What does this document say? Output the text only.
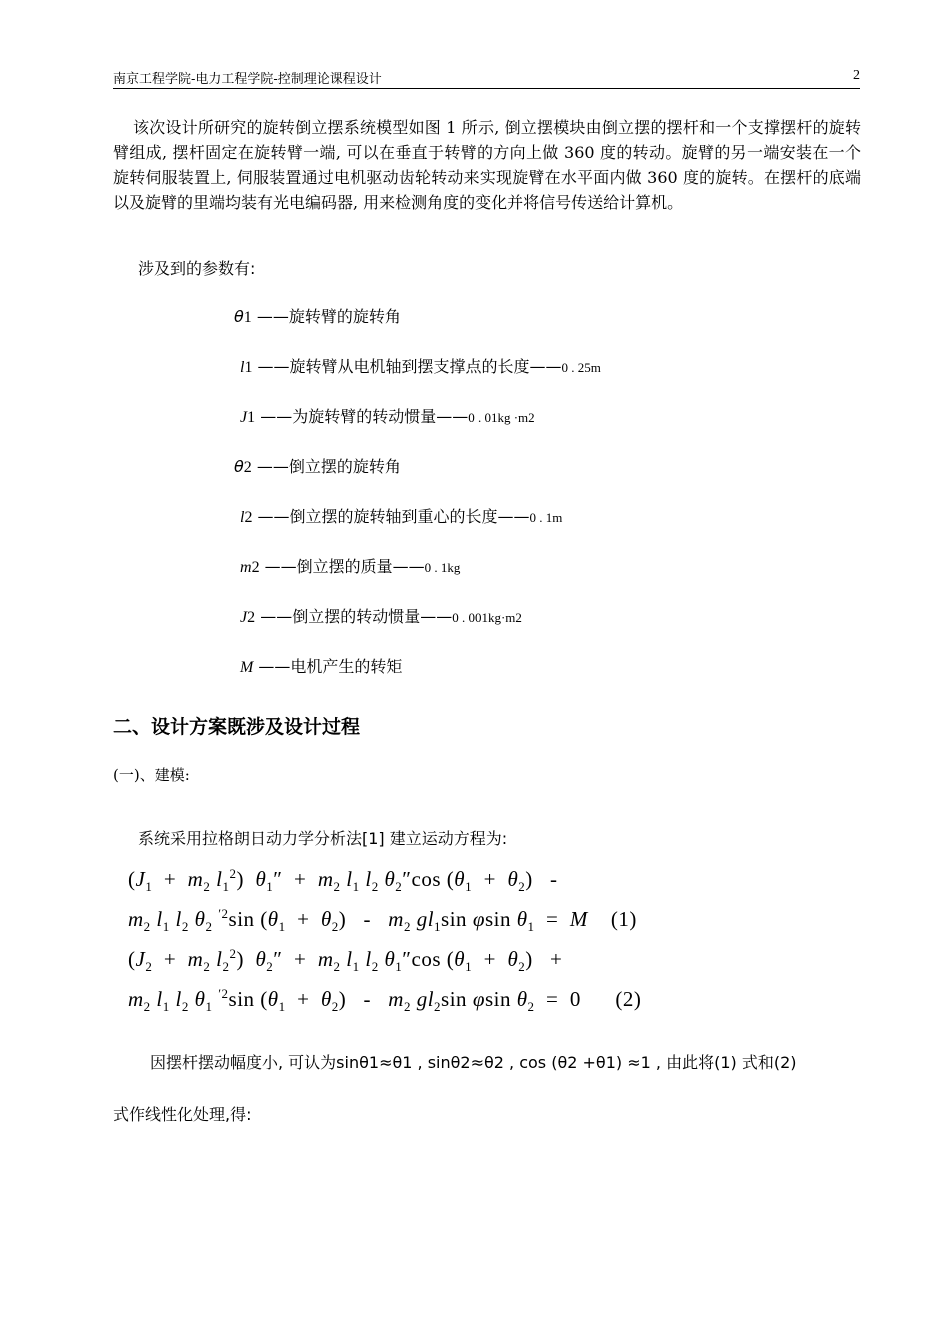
南京工程学院-电力工程学院-控制理论课程设计	2

该次设计所研究的旋转倒立摆系统模型如图 1 所示, 倒立摆模块由倒立摆的摆杆和一个支撑摆杆的旋转臂组成, 摆杆固定在旋转臂一端, 可以在垂直于转臂的方向上做 360 度的转动。旋臂的另一端安装在一个旋转伺服装置上, 伺服装置通过电机驱动齿轮转动来实现旋臂在水平面内做 360 度的旋转。在摆杆的底端以及旋臂的里端均装有光电编码器, 用来检测角度的变化并将信号传送给计算机。

涉及到的参数有:
θ1 ——旋转臂的旋转角
l1 ——旋转臂从电机轴到摆支撑点的长度——0 . 25m
J1 ——为旋转臂的转动惯量——0 . 01kg ·m2
θ2 ——倒立摆的旋转角
l2 ——倒立摆的旋转轴到重心的长度——0 . 1m
m2 ——倒立摆的质量——0 . 1kg
J2 ——倒立摆的转动惯量——0 . 001kg·m2
M ——电机产生的转矩
二、设计方案既涉及设计过程
(一)、建模:
系统采用拉格朗日动力学分析法[1] 建立运动方程为:
($J_1 + m_2$ $l_1^2$)  $\theta_1'' + m_2$ $l_1$ $l_2$ $\theta_2''\cos$ $(\theta_1 + \theta_2)$   -
$m_2$ $l_1$ $l_2$ $\theta_2$ $^{'2}$sin $(\theta_1 + \theta_2) - m_2$ $gl_1\sin$ φsin $\theta_1 = M$ (1)
($J_2 + m_2$ $l_2^2$)  $\theta_2'' + m_2$ $l_1$ $l_2$ $\theta_1''\cos$ $(\theta_1 + \theta_2)$   +
$m_2$ $l_1$ $l_2$ $\theta_1$ $^{'2}$sin $(\theta_1 + \theta_2) - m_2$ $gl_2\sin$ φsin $\theta_2 = 0$      (2)
因摆杆摆动幅度小, 可认为sinθ1≈θ1 , sinθ2≈θ2 , cos (θ2 +θ1) ≈1 , 由此将(1) 式和(2)
式作线性化处理,得:
